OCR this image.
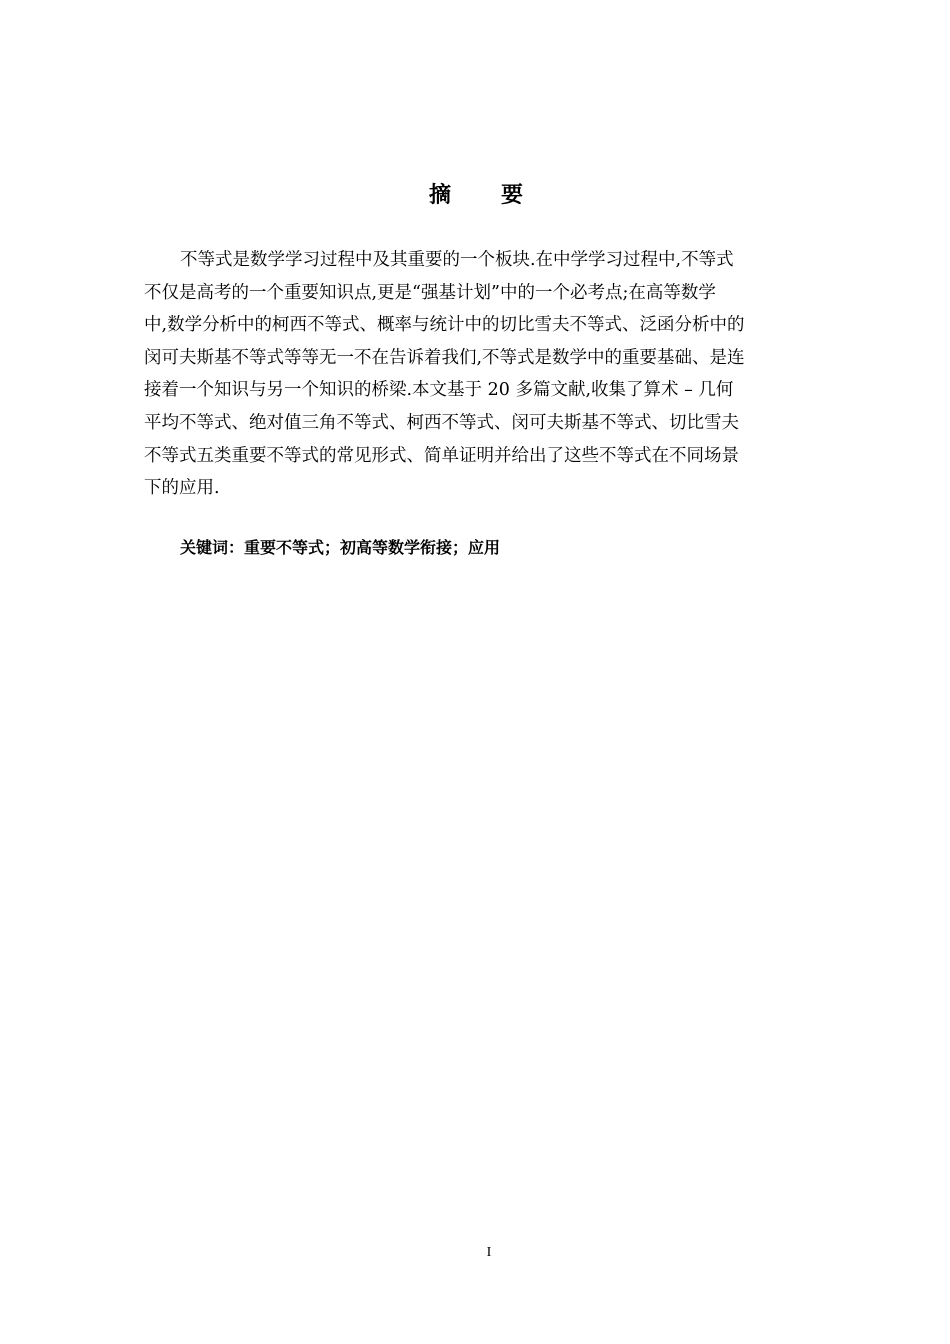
摘要
不等式是数学学习过程中及其重要的一个板块.在中学学习过程中,不等式
不仅是高考的一个重要知识点,更是“强基计划”中的一个必考点;在高等数学
中,数学分析中的柯西不等式、概率与统计中的切比雪夫不等式、泛函分析中的
闵可夫斯基不等式等等无一不在告诉着我们,不等式是数学中的重要基础、是连
接着一个知识与另一个知识的桥梁.本文基于 20 多篇文献,收集了算术 – 几何
平均不等式、绝对值三角不等式、柯西不等式、闵可夫斯基不等式、切比雪夫
不等式五类重要不等式的常见形式、简单证明并给出了这些不等式在不同场景
下的应用.
关键词：重要不等式；初高等数学衔接；应用
I
